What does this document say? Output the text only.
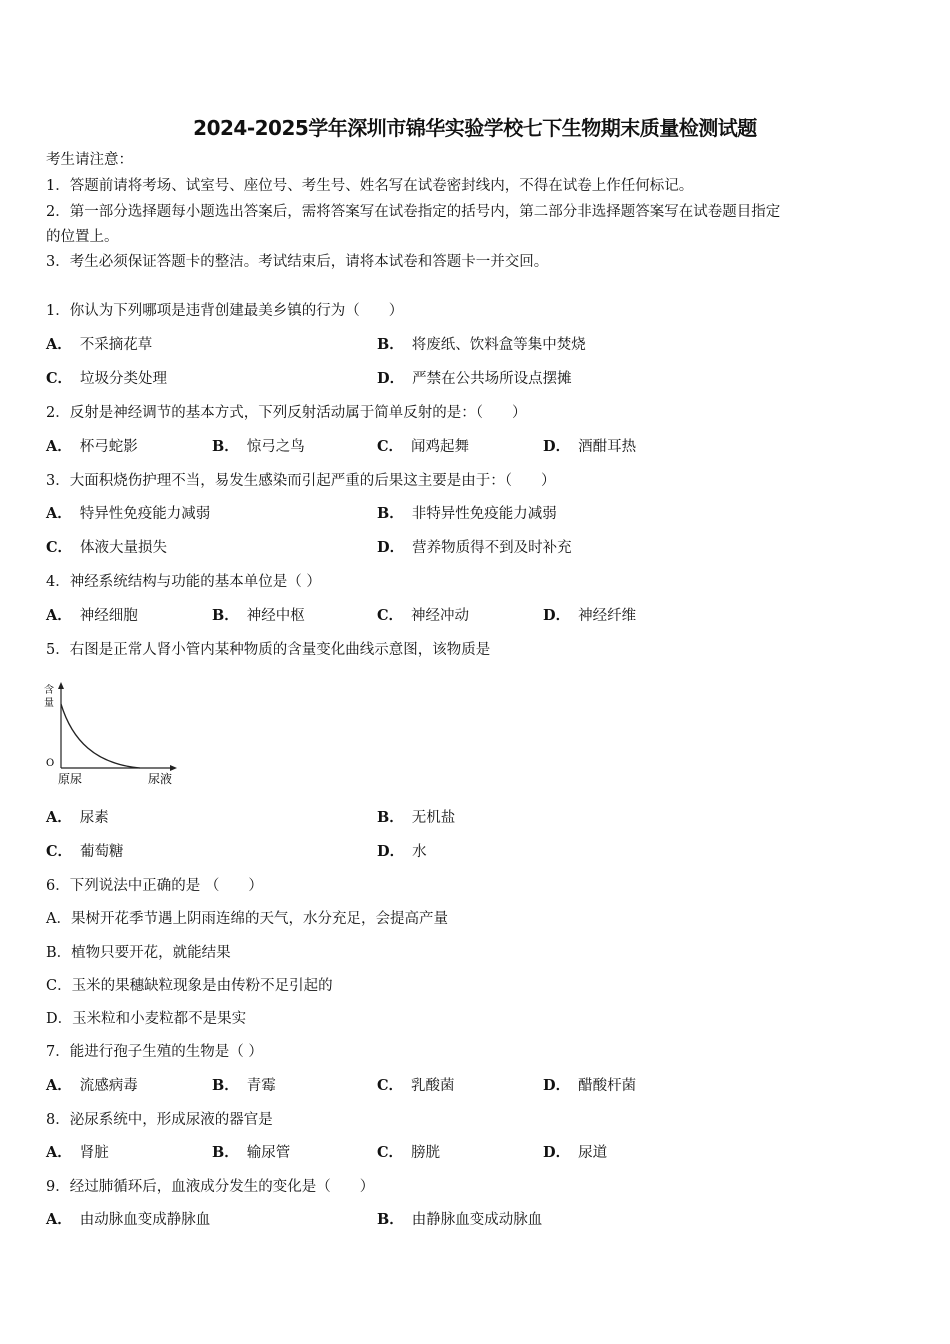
2024-2025学年深圳市锦华实验学校七下生物期末质量检测试题
考生请注意：
1．答题前请将考场、试室号、座位号、考生号、姓名写在试卷密封线内，不得在试卷上作任何标记。
2．第一部分选择题每小题选出答案后，需将答案写在试卷指定的括号内，第二部分非选择题答案写在试卷题目指定
的位置上。
3．考生必须保证答题卡的整洁。考试结束后，请将本试卷和答题卡一并交回。
1．你认为下列哪项是违背创建最美乡镇的行为（　　）
A． 不采摘花草	B． 将废纸、饮料盒等集中焚烧
C． 垃圾分类处理	D． 严禁在公共场所设点摆摊
2．反射是神经调节的基本方式，下列反射活动属于简单反射的是：（　　）
A． 杯弓蛇影	B． 惊弓之鸟	C． 闻鸡起舞	D． 酒酣耳热
3．大面积烧伤护理不当，易发生感染而引起严重的后果这主要是由于：（　　）
A． 特异性免疫能力减弱	B． 非特异性免疫能力减弱
C． 体液大量损失	D． 营养物质得不到及时补充
4．神经系统结构与功能的基本单位是（ ）
A． 神经细胞	B． 神经中枢	C． 神经冲动	D． 神经纤维
5．右图是正常人肾小管内某种物质的含量变化曲线示意图，该物质是
含
量
O
原尿	尿液
A． 尿素	B． 无机盐
C． 葡萄糖	D． 水
6．下列说法中正确的是 （　　）
A．果树开花季节遇上阴雨连绵的天气，水分充足，会提高产量
B．植物只要开花，就能结果
C．玉米的果穗缺粒现象是由传粉不足引起的
D．玉米粒和小麦粒都不是果实
7．能进行孢子生殖的生物是（ ）
A． 流感病毒	B． 青霉	C． 乳酸菌	D． 醋酸杆菌
8．泌尿系统中，形成尿液的器官是
A． 肾脏	B． 输尿管	C． 膀胱	D． 尿道
9．经过肺循环后，血液成分发生的变化是（　　）
A． 由动脉血变成静脉血	B． 由静脉血变成动脉血
